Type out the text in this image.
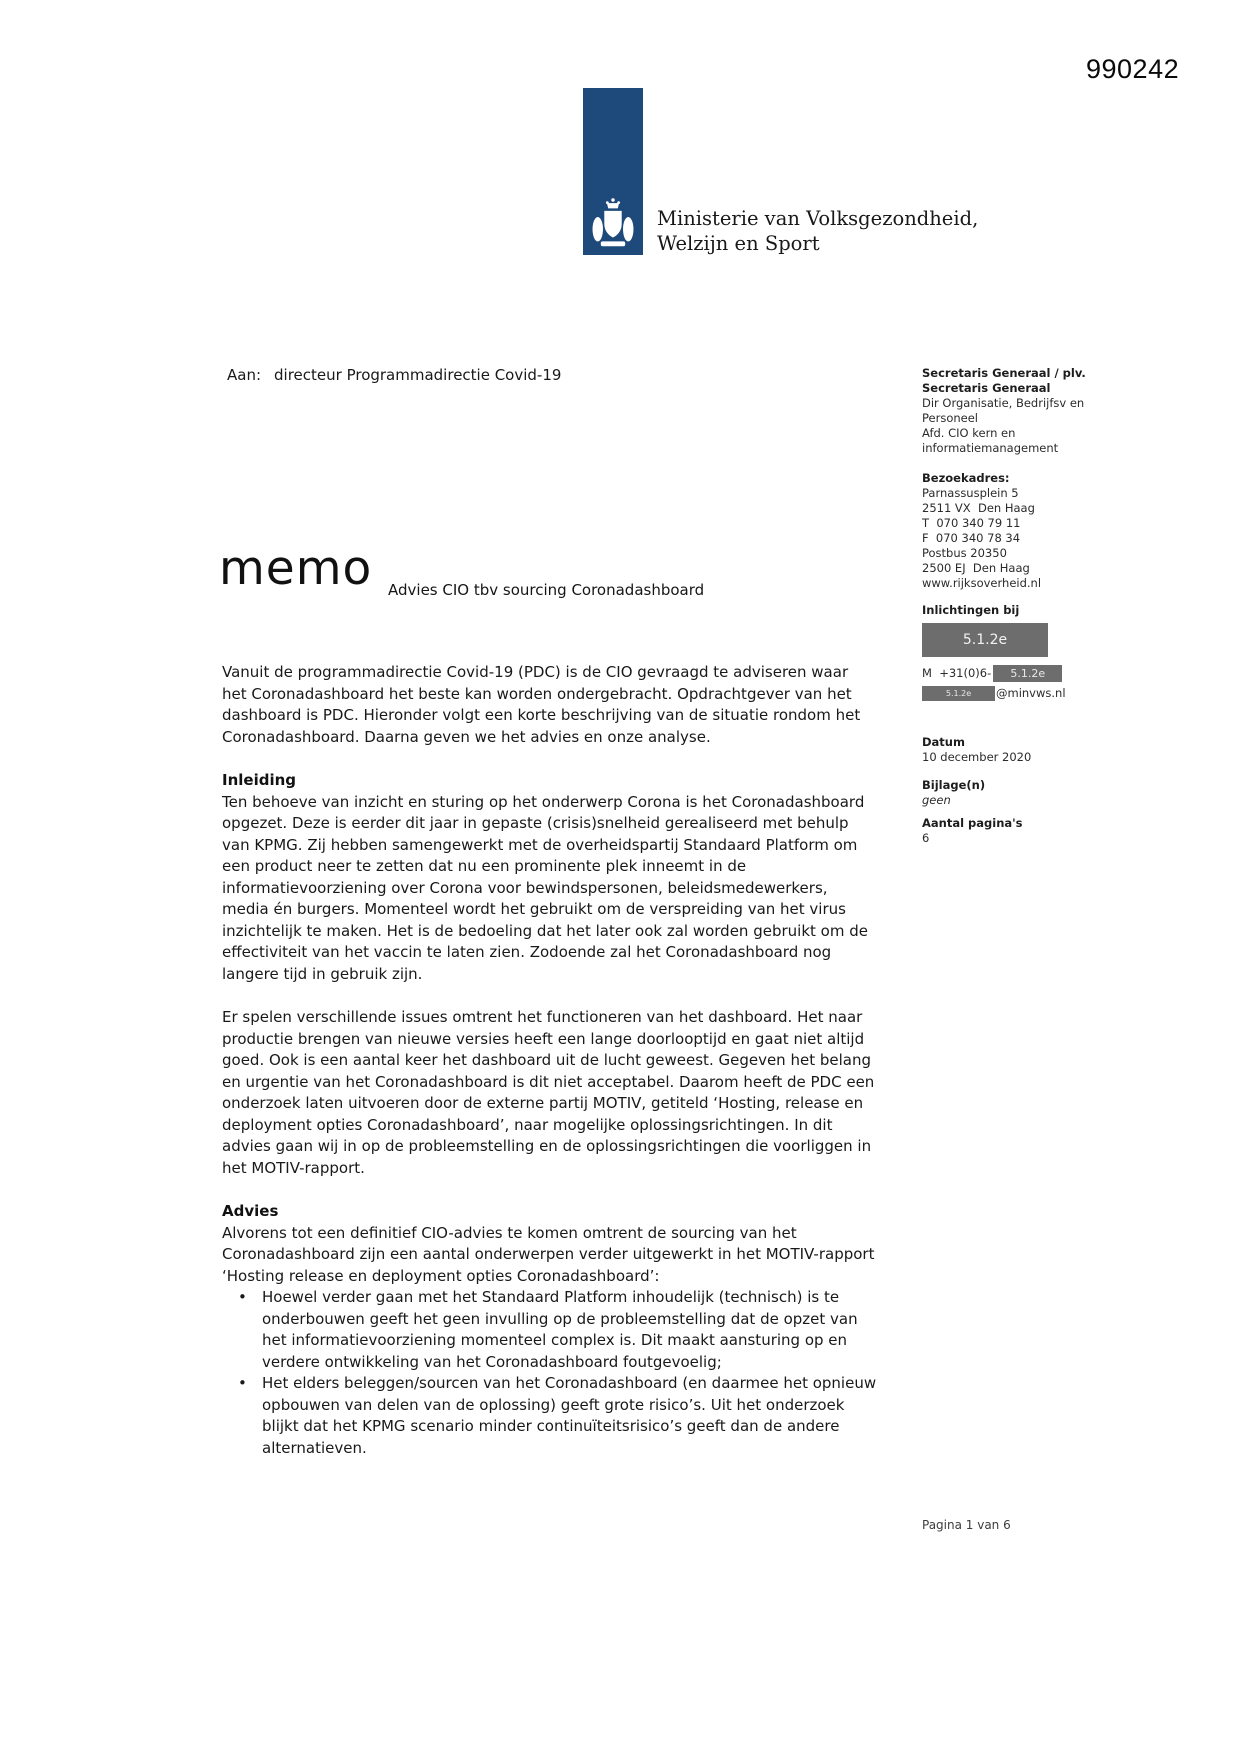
990242
Ministerie van Volksgezondheid,
Welzijn en Sport
Aan: directeur Programmadirectie Covid-19
memo Advies CIO tbv sourcing Coronadashboard
Secretaris Generaal / plv.
Secretaris Generaal
Dir Organisatie, Bedrijfsv en
Personeel
Afd. CIO kern en
informatiemanagement
Bezoekadres:
Parnassusplein 5
2511 VX  Den Haag
T  070 340 79 11
F  070 340 78 34
Postbus 20350
2500 EJ  Den Haag
www.rijksoverheid.nl
Inlichtingen bij
5.1.2e
M  +31(0)6-	5.1.2e
5.1.2e	@minvws.nl
Datum
10 december 2020
Bijlage(n)
geen
Aantal pagina's
6

Vanuit de programmadirectie Covid-19 (PDC) is de CIO gevraagd te adviseren waar het Coronadashboard het beste kan worden ondergebracht. Opdrachtgever van het dashboard is PDC. Hieronder volgt een korte beschrijving van de situatie rondom het Coronadashboard. Daarna geven we het advies en onze analyse.

Inleiding

Ten behoeve van inzicht en sturing op het onderwerp Corona is het Coronadashboard opgezet. Deze is eerder dit jaar in gepaste (crisis)snelheid gerealiseerd met behulp van KPMG. Zij hebben samengewerkt met de overheidspartij Standaard Platform om een product neer te zetten dat nu een prominente plek inneemt in de informatievoorziening over Corona voor bewindspersonen, beleidsmedewerkers, media én burgers. Momenteel wordt het gebruikt om de verspreiding van het virus inzichtelijk te maken. Het is de bedoeling dat het later ook zal worden gebruikt om de effectiviteit van het vaccin te laten zien. Zodoende zal het Coronadashboard nog langere tijd in gebruik zijn.

Er spelen verschillende issues omtrent het functioneren van het dashboard. Het naar productie brengen van nieuwe versies heeft een lange doorlooptijd en gaat niet altijd goed. Ook is een aantal keer het dashboard uit de lucht geweest. Gegeven het belang en urgentie van het Coronadashboard is dit niet acceptabel. Daarom heeft de PDC een onderzoek laten uitvoeren door de externe partij MOTIV, getiteld ‘Hosting, release en deployment opties Coronadashboard’, naar mogelijke oplossingsrichtingen. In dit advies gaan wij in op de probleemstelling en de oplossingsrichtingen die voorliggen in het MOTIV-rapport.

Advies

Alvorens tot een definitief CIO-advies te komen omtrent de sourcing van het Coronadashboard zijn een aantal onderwerpen verder uitgewerkt in het MOTIV-rapport ‘Hosting release en deployment opties Coronadashboard’:

• Hoewel verder gaan met het Standaard Platform inhoudelijk (technisch) is te onderbouwen geeft het geen invulling op de probleemstelling dat de opzet van het informatievoorziening momenteel complex is. Dit maakt aansturing op en verdere ontwikkeling van het Coronadashboard foutgevoelig;
• Het elders beleggen/sourcen van het Coronadashboard (en daarmee het opnieuw opbouwen van delen van de oplossing) geeft grote risico’s. Uit het onderzoek blijkt dat het KPMG scenario minder continuïteitsrisico’s geeft dan de andere alternatieven.
Pagina 1 van 6
